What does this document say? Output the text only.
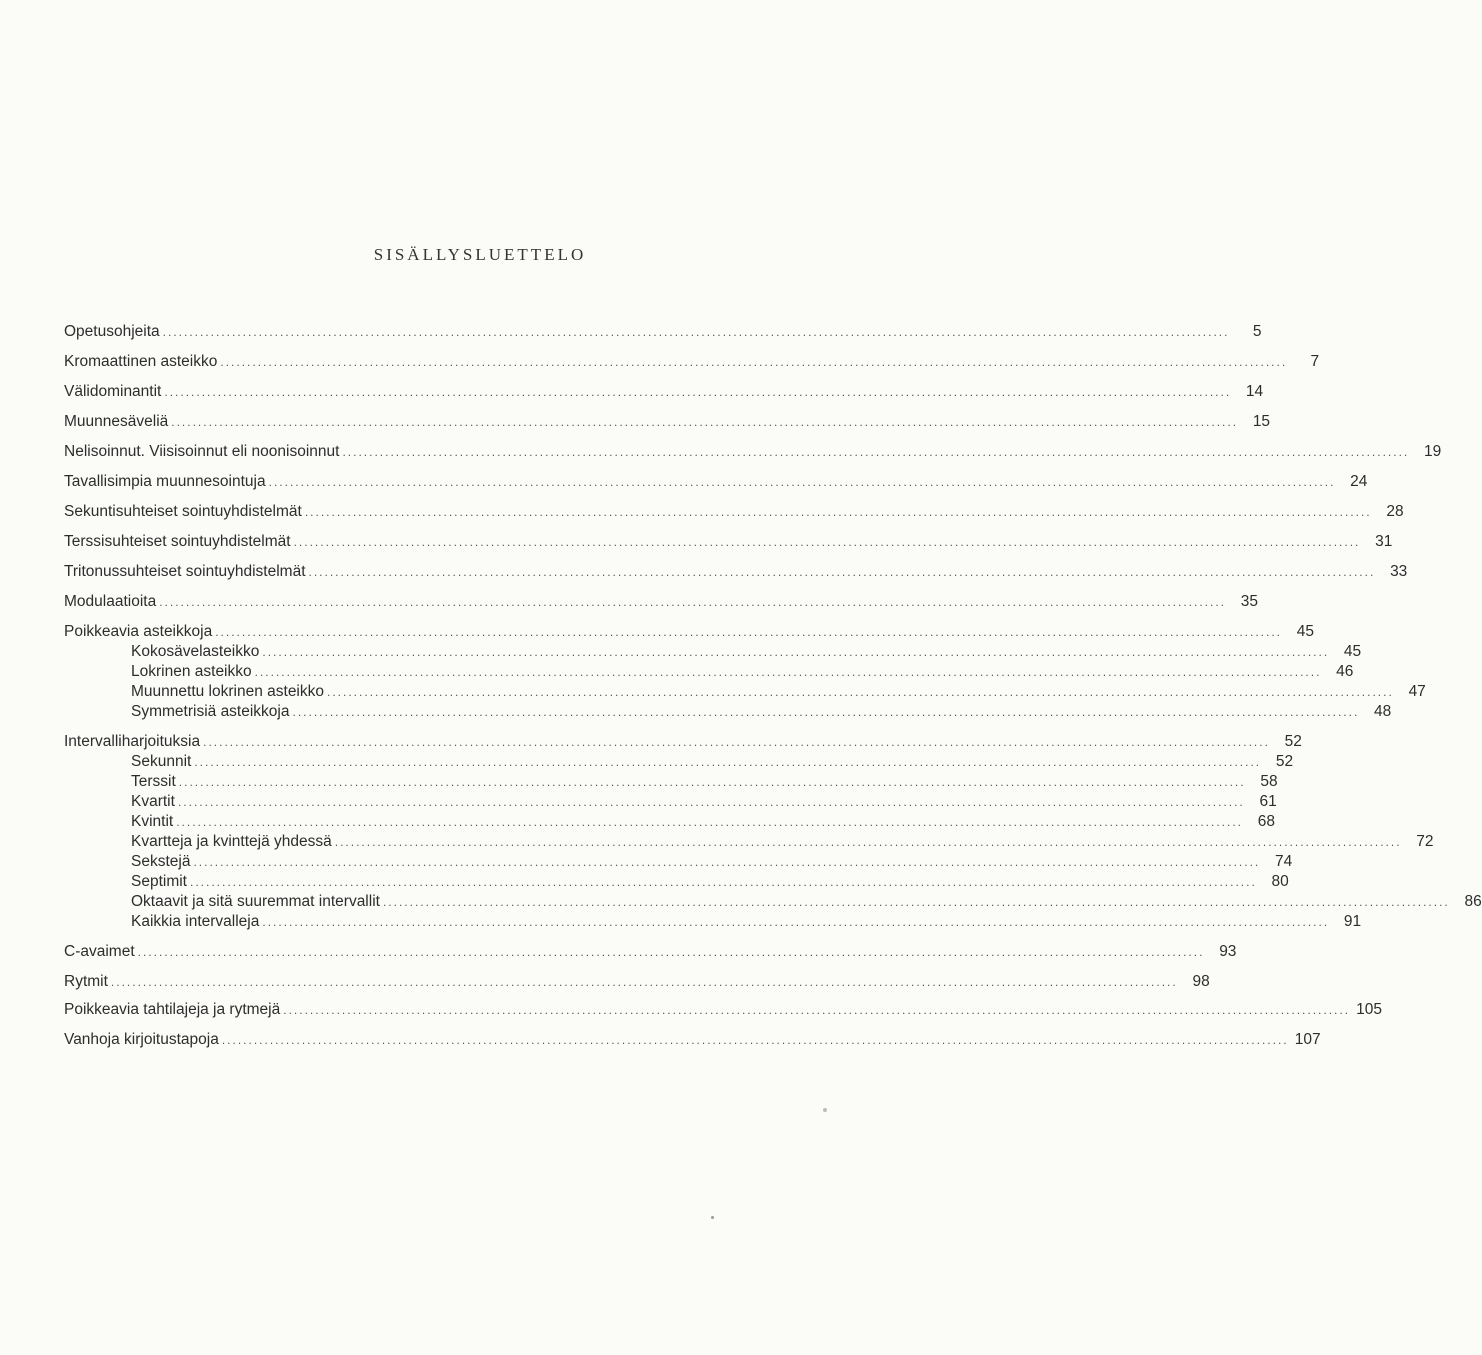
SISÄLLYSLUETTELO
Opetusohjeita ........................................................................................................................................................................................................	5
Kromaattinen asteikko ........................................................................................................................................................................................................	7
Välidominantit ........................................................................................................................................................................................................ 14
Muunnesäveliä ........................................................................................................................................................................................................ 15
Nelisoinnut. Viisisoinnut eli noonisoinnut ........................................................................................................................................................................................................ 19
Tavallisimpia muunnesointuja ........................................................................................................................................................................................................ 24
Sekuntisuhteiset sointuyhdistelmät ........................................................................................................................................................................................................ 28
Terssisuhteiset sointuyhdistelmät ........................................................................................................................................................................................................ 31
Tritonussuhteiset sointuyhdistelmät ........................................................................................................................................................................................................ 33
Modulaatioita ........................................................................................................................................................................................................ 35
Poikkeavia asteikkoja ........................................................................................................................................................................................................ 45
Kokosävelasteikko ........................................................................................................................................................................................................ 45
Lokrinen asteikko ........................................................................................................................................................................................................ 46
Muunnettu lokrinen asteikko ........................................................................................................................................................................................................ 47
Symmetrisiä asteikkoja ........................................................................................................................................................................................................ 48
Intervalliharjoituksia ........................................................................................................................................................................................................ 52
Sekunnit ........................................................................................................................................................................................................ 52
Terssit ........................................................................................................................................................................................................ 58
Kvartit ........................................................................................................................................................................................................ 61
Kvintit ........................................................................................................................................................................................................ 68
Kvartteja ja kvinttejä yhdessä ........................................................................................................................................................................................................ 72
Sekstejä ........................................................................................................................................................................................................ 74
Septimit ........................................................................................................................................................................................................ 80
Oktaavit ja sitä suuremmat intervallit ........................................................................................................................................................................................................ 86
Kaikkia intervalleja ........................................................................................................................................................................................................ 91
C-avaimet ........................................................................................................................................................................................................ 93
Rytmit ........................................................................................................................................................................................................ 98
Poikkeavia tahtilajeja ja rytmejä ........................................................................................................................................................................................................ 105
Vanhoja kirjoitustapoja ........................................................................................................................................................................................................ 107
